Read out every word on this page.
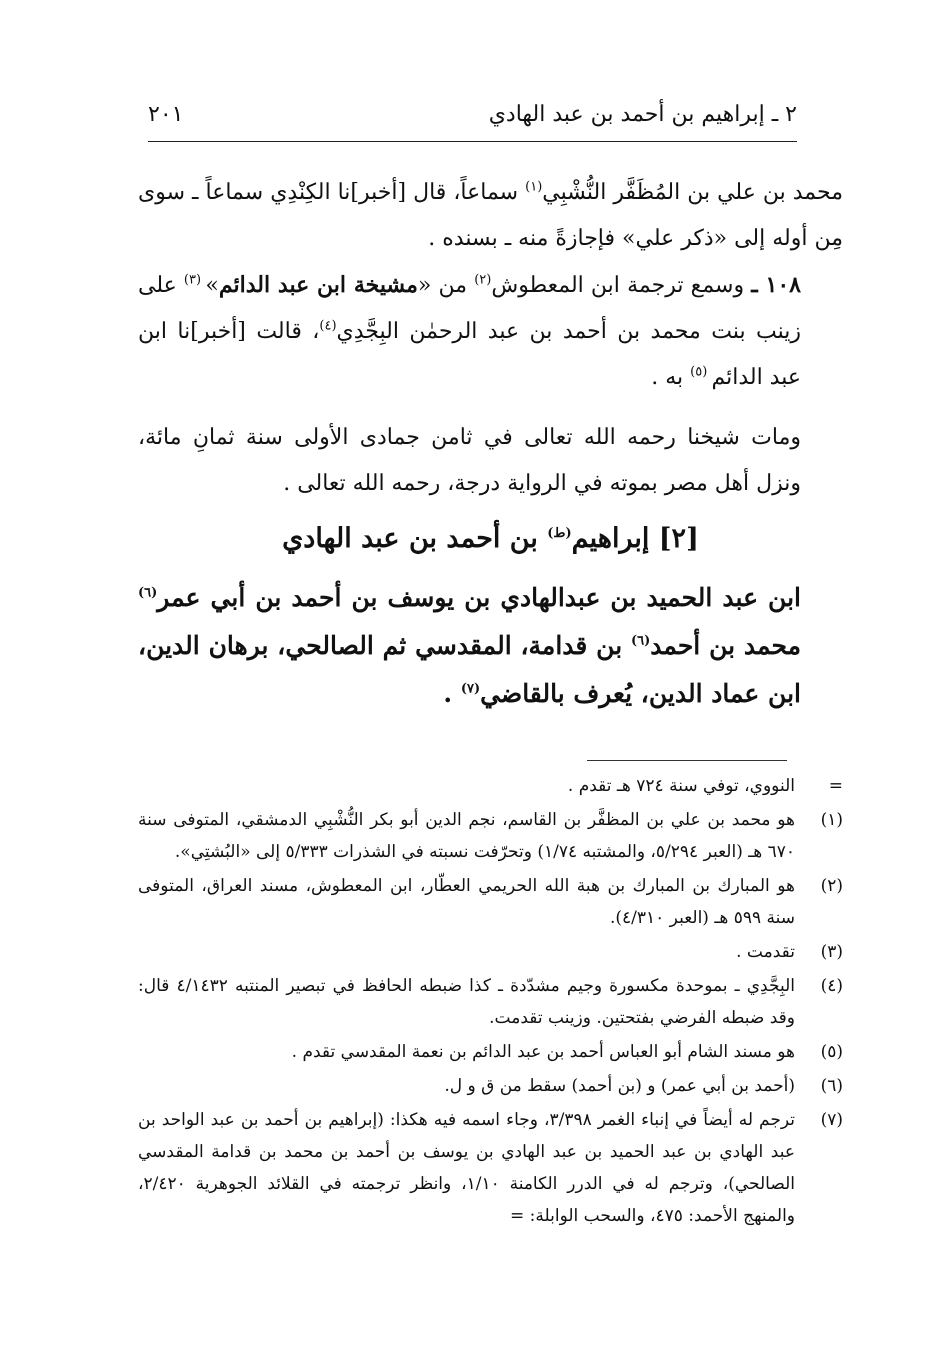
٢ ـ إبراهيم بن أحمد بن عبد الهادي
٢٠١

محمد بن علي بن المُظَفَّر النُّشْبِي$^{(١)}$ سماعاً، قال [أخبر]نا الكِنْدِي سماعاً ـ سوى مِن أوله إلى «ذكر علي» فإجازةً منه ـ بسنده .

١٠٨ ـ وسمع ترجمة ابن المعطوش$^{(٢)}$ من «مشيخة ابن عبد الدائم» $^{(٣)}$ على زينب بنت محمد بن أحمد بن عبد الرحمٰن البِجَّدِي$^{(٤)}$، قالت [أخبر]نا ابن عبد الدائم $^{(٥)}$ به .

ومات شيخنا رحمه الله تعالى في ثامن جمادى الأولى سنة ثمانِ مائة، ونزل أهل مصر بموته في الرواية درجة، رحمه الله تعالى .

[٢] إبراهيم$^{(ط)}$ بن أحمد بن عبد الهادي

ابن عبد الحميد بن عبدالهادي بن يوسف بن أحمد بن أبي عمر$^{(٦)}$ محمد بن أحمد$^{(٦)}$ بن قدامة، المقدسي ثم الصالحي، برهان الدين، ابن عماد الدين، يُعرف بالقاضي$^{(٧)}$ .

=
النووي، توفي سنة ٧٢٤ هـ تقدم .
(١)
هو محمد بن علي بن المظفَّر بن القاسم، نجم الدين أبو بكر النُّشْبِي الدمشقي، المتوفى سنة ٦٧٠ هـ (العبر ٥/٢٩٤، والمشتبه ١/٧٤) وتحرّفت نسبته في الشذرات ٥/٣٣٣ إلى «البُشتِي».
(٢)
هو المبارك بن المبارك بن هبة الله الحريمي العطّار، ابن المعطوش، مسند العراق، المتوفى سنة ٥٩٩ هـ (العبر ٤/٣١٠).
(٣)
تقدمت .
(٤)
البِجَّدِي ـ بموحدة مكسورة وجيم مشدّدة ـ كذا ضبطه الحافظ في تبصير المنتبه ٤/١٤٣٢ قال: وقد ضبطه الفرضي بفتحتين. وزينب تقدمت.
(٥)
هو مسند الشام أبو العباس أحمد بن عبد الدائم بن نعمة المقدسي تقدم .
(٦)
(أحمد بن أبي عمر) و (بن أحمد) سقط من ق و ل.
(٧)
ترجم له أيضاً في إنباء الغمر ٣/٣٩٨، وجاء اسمه فيه هكذا: (إبراهيم بن أحمد بن عبد الواحد بن عبد الهادي بن عبد الحميد بن عبد الهادي بن يوسف بن أحمد بن محمد بن قدامة المقدسي الصالحي)، وترجم له في الدرر الكامنة ١/١٠، وانظر ترجمته في القلائد الجوهرية ٢/٤٢٠، والمنهج الأحمد: ٤٧٥، والسحب الوابلة: =
